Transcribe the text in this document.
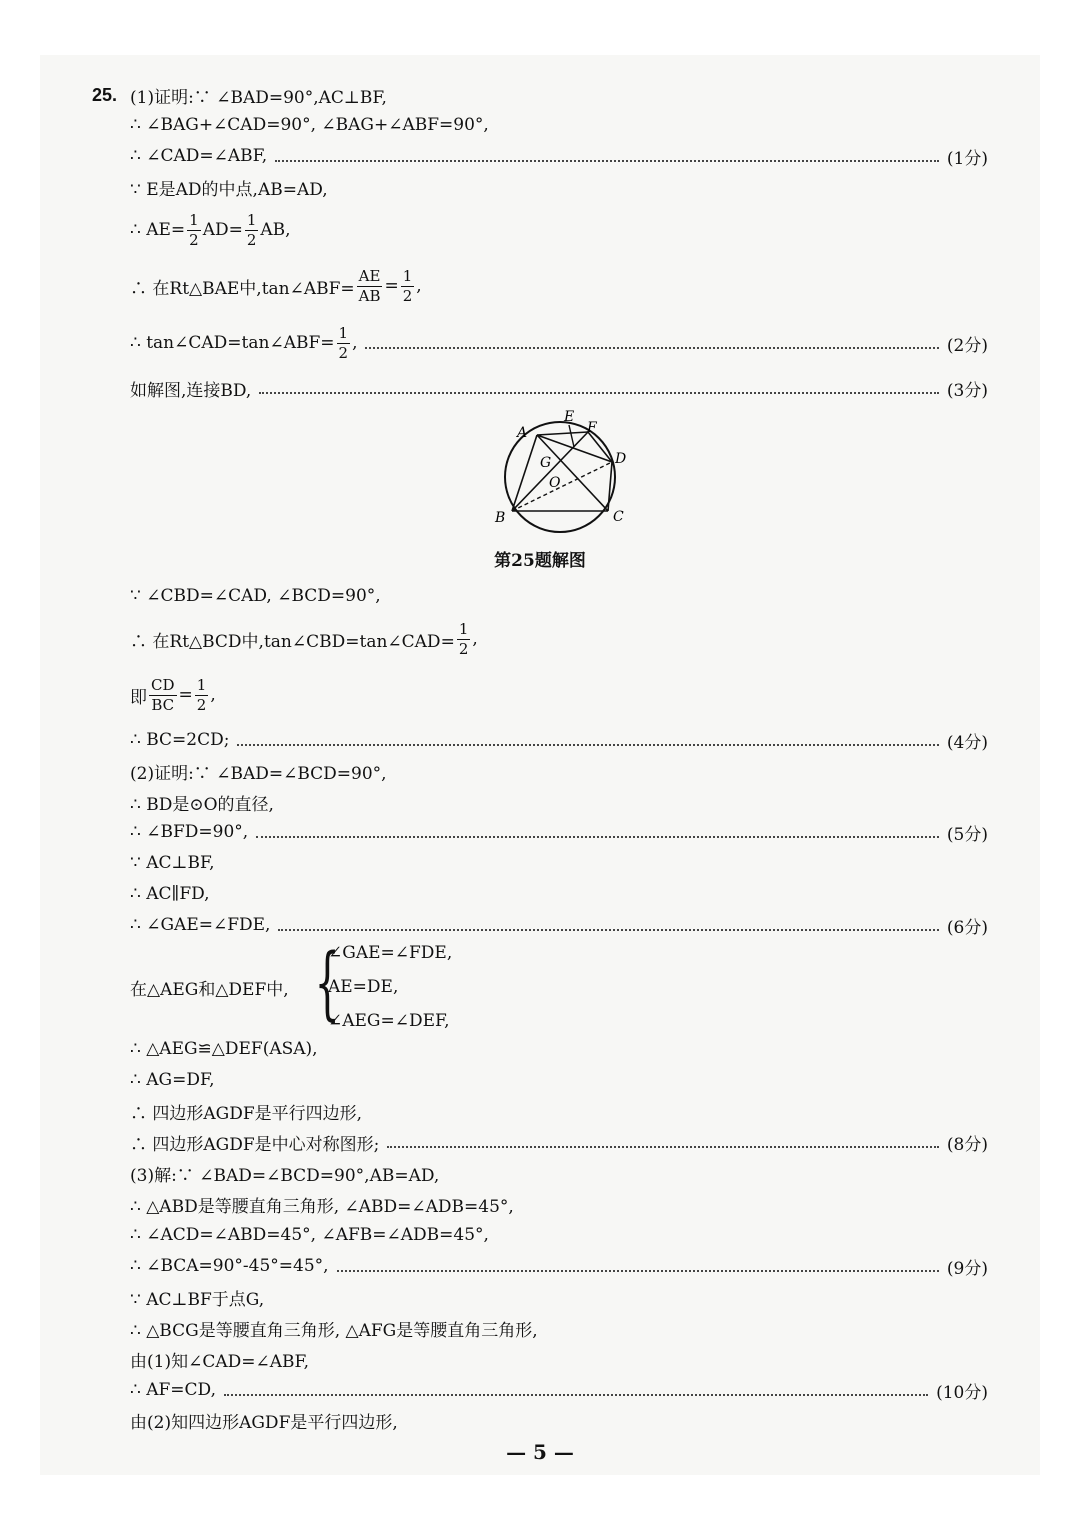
25. (1)证明:∵ ∠BAD=90°,AC⊥BF,
∴ ∠BAG+∠CAD=90°, ∠BAG+∠ABF=90°,
∴ ∠CAD=∠ABF,	(1分)
∵ E是AD的中点,AB=AD,
∴ $AE= \frac{1}{2} AD= \frac{1}{2}$ AB,
∴ 在Rt△BAE中,tan∠ABF= $\frac{AE}{AB} = \frac{1}{2}$ ,
∴ tan∠CAD=tan∠ABF= $\frac{1}{2}$ ,	(2分)
如解图,连接BD,	(3分)
A
B	C
D
E
F
G
O
第25题解图
∵ ∠CBD=∠CAD, ∠BCD=90°,
∴ 在Rt△BCD中,tan∠CBD=tan∠CAD= $\frac{1}{2}$ ,
即 $\frac{CD}{BC} = \frac{1}{2}$ ,
∴ BC=2CD;	(4分)
(2)证明:∵ ∠BAD=∠BCD=90°,
∴ BD是⊙O的直径,
∴ ∠BFD=90°,	(5分)
∵ AC⊥BF,
∴ AC∥FD,
∴ ∠GAE=∠FDE,	(6分)
在△AEG和△DEF中, {
∠GAE=∠FDE,
AE=DE,
∠AEG=∠DEF,
∴ △AEG≌△DEF(ASA),
∴ AG=DF,
∴ 四边形AGDF是平行四边形,
∴ 四边形AGDF是中心对称图形;	(8分)
(3)解:∵ ∠BAD=∠BCD=90°,AB=AD,
∴ △ABD是等腰直角三角形, ∠ABD=∠ADB=45°,
∴ ∠ACD=∠ABD=45°, ∠AFB=∠ADB=45°,
∴ ∠BCA=90°-45°=45°,	(9分)
∵ AC⊥BF于点G,
∴ △BCG是等腰直角三角形, △AFG是等腰直角三角形,
由(1)知∠CAD=∠ABF,
∴ AF=CD,	(10分)
由(2)知四边形AGDF是平行四边形,
— 5 —
